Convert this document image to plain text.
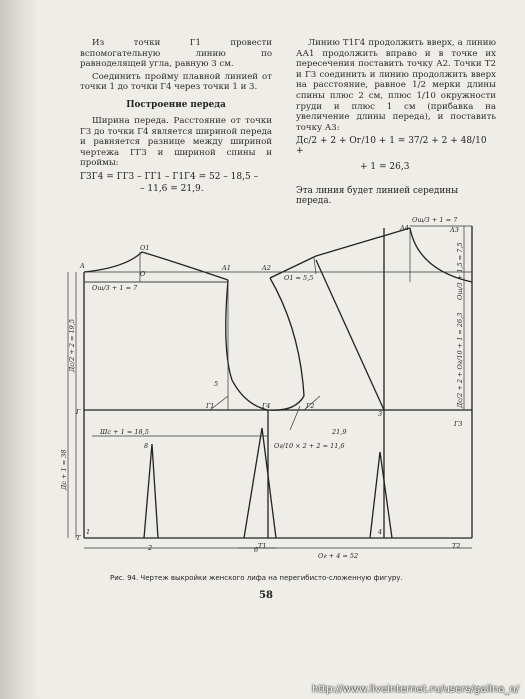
Из точки Г1 провести вспомогательную линию по равноделящей угла, равную 3 см.

Соединить пройму плавной линией от точки 1 до точки Г4 через точки 1 и 3.

Построение переда

Ширина переда. Расстояние от точки Г3 до точки Г4 является шириной переда и равняется разнице между шириной чертежа ГГ3 и шириной спины и проймы:

Г3Г4 = ГГ3 – ГГ1 – Г1Г4 = 52 – 18,5 –
– 11,6 = 21,9.

Линию Т1Г4 продолжить вверх, а линию АА1 продолжить вправо и в точке их пересечения поставить точку А2. Точки Т2 и Г3 соединить и линию продолжить вверх на расстояние, равное 1/2 мерки длины спины плюс 2 см, плюс 1/10 окружности груди и плюс 1 см (прибавка на увеличение длины переда), и поставить точку А3:

Дс/2 + 2 + Ог/10 + 1 = 37/2 + 2 + 48/10 +
+ 1 = 26,3
Эта линия будет линией середины переда.
A
O1
O
A1	A2
A4	A3
Г
Г1	Г4	Г2
Г3
Т
Т1	Т2
1
2
3
4
5
6
8
Ош/3 + 1 = 7
Ош/3 + 1 = 7
O1 ≈ 5,5
Дс/2 + 2 = 19,5
Дс + 1 = 38
Шс + 1 = 18,5
Ог/10 × 2 + 2 = 11,6
21,9
Ош/3 + 1,5 = 7,5
Дс/2 + 2 + Ог/10 + 1 = 26,3
Ог + 4 = 52
Рис. 94. Чертеж выкройки женского лифа на перегибисто-сложенную фигуру.
58
http://www.liveinternet.ru/users/galina_o/
